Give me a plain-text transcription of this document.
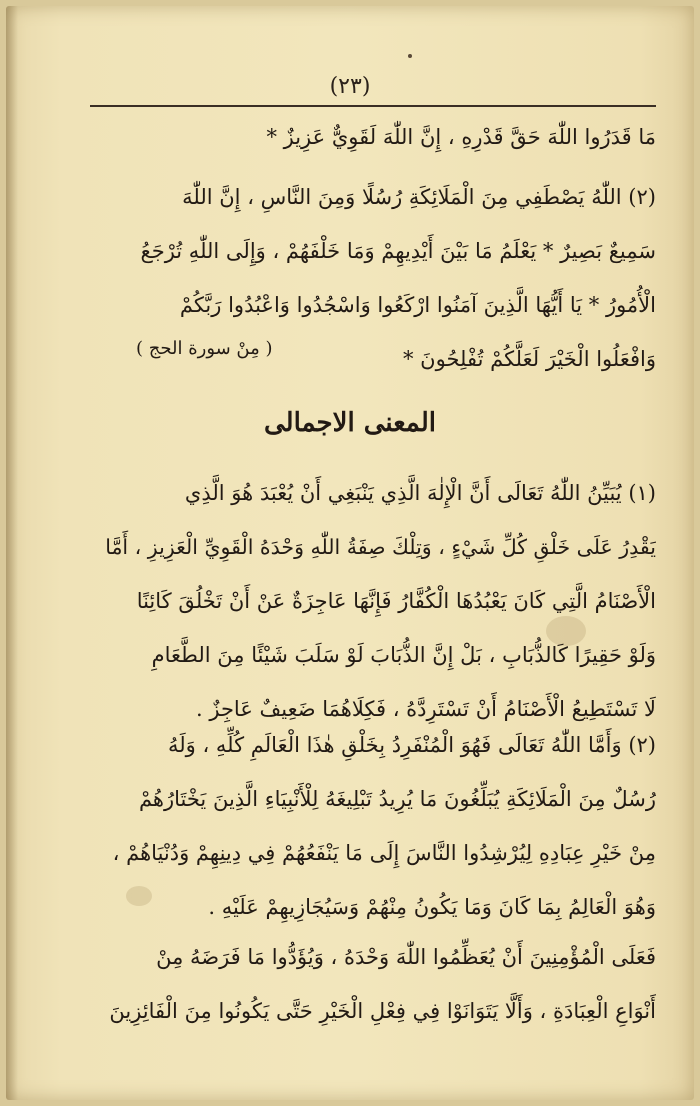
(٢٣)
مَا قَدَرُوا اللّٰهَ حَقَّ قَدْرِهِ ، إِنَّ اللّٰهَ لَقَوِيٌّ عَزِيزٌ *
(٢) اللّٰهُ يَصْطَفِي مِنَ الْمَلَائِكَةِ رُسُلًا وَمِنَ النَّاسِ ، إِنَّ اللّٰهَ
سَمِيعٌ بَصِيرٌ * يَعْلَمُ مَا بَيْنَ أَيْدِيهِمْ وَمَا خَلْفَهُمْ ، وَإِلَى اللّٰهِ تُرْجَعُ
الْأُمُورُ * يَا أَيُّهَا الَّذِينَ آمَنُوا ارْكَعُوا وَاسْجُدُوا وَاعْبُدُوا رَبَّكُمْ
وَافْعَلُوا الْخَيْرَ لَعَلَّكُمْ تُفْلِحُونَ *
( مِنْ سورة الحج )
المعنى الاجمالى
(١) يُبَيِّنُ اللّٰهُ تَعَالَى أَنَّ الْإِلٰهَ الَّذِي يَنْبَغِي أَنْ يُعْبَدَ هُوَ الَّذِي
يَقْدِرُ عَلَى خَلْقِ كُلِّ شَيْءٍ ، وَتِلْكَ صِفَةُ اللّٰهِ وَحْدَهُ الْقَوِيِّ الْعَزِيزِ ، أَمَّا
الْأَصْنَامُ الَّتِي كَانَ يَعْبُدُهَا الْكُفَّارُ فَإِنَّهَا عَاجِزَةٌ عَنْ أَنْ تَخْلُقَ كَائِنًا
وَلَوْ حَقِيرًا كَالذُّبَابِ ، بَلْ إِنَّ الذُّبَابَ لَوْ سَلَبَ شَيْئًا مِنَ الطَّعَامِ
لَا تَسْتَطِيعُ الْأَصْنَامُ أَنْ تَسْتَرِدَّهُ ، فَكِلَاهُمَا ضَعِيفٌ عَاجِزٌ .
(٢) وَأَمَّا اللّٰهُ تَعَالَى فَهُوَ الْمُنْفَرِدُ بِخَلْقِ هٰذَا الْعَالَمِ كُلِّهِ ، وَلَهُ
رُسُلٌ مِنَ الْمَلَائِكَةِ يُبَلِّغُونَ مَا يُرِيدُ تَبْلِيغَهُ لِلْأَنْبِيَاءِ الَّذِينَ يَخْتَارُهُمْ
مِنْ خَيْرِ عِبَادِهِ لِيُرْشِدُوا النَّاسَ إِلَى مَا يَنْفَعُهُمْ فِي دِينِهِمْ وَدُنْيَاهُمْ ،
وَهُوَ الْعَالِمُ بِمَا كَانَ وَمَا يَكُونُ مِنْهُمْ وَسَيُجَازِيهِمْ عَلَيْهِ .
فَعَلَى الْمُؤْمِنِينَ أَنْ يُعَظِّمُوا اللّٰهَ وَحْدَهُ ، وَيُؤَدُّوا مَا فَرَضَهُ مِنْ
أَنْوَاعِ الْعِبَادَةِ ، وَأَلَّا يَتَوَانَوْا فِي فِعْلِ الْخَيْرِ حَتَّى يَكُونُوا مِنَ الْفَائِزِينَ
